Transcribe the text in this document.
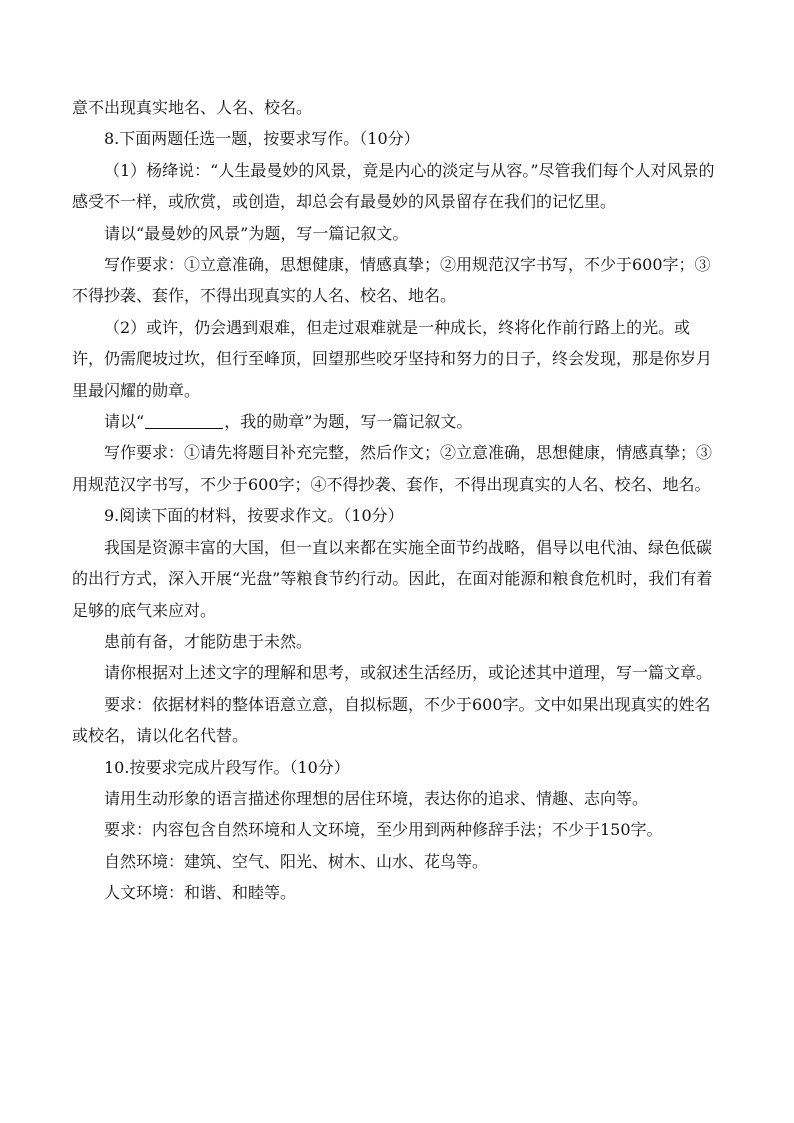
意不出现真实地名、人名、校名。

8.下面两题任选一题，按要求写作。（10分）

（1）杨绛说：“人生最曼妙的风景，竟是内心的淡定与从容。”尽管我们每个人对风景的感受不一样，或欣赏，或创造，却总会有最曼妙的风景留存在我们的记忆里。

请以“最曼妙的风景”为题，写一篇记叙文。

写作要求：①立意准确，思想健康，情感真挚；②用规范汉字书写，不少于600字；③不得抄袭、套作，不得出现真实的人名、校名、地名。

（2）或许，仍会遇到艰难，但走过艰难就是一种成长，终将化作前行路上的光。或许，仍需爬坡过坎，但行至峰顶，回望那些咬牙坚持和努力的日子，终会发现，那是你岁月里最闪耀的勋章。

请以“	，我的勋章”为题，写一篇记叙文。

写作要求：①请先将题目补充完整，然后作文；②立意准确，思想健康，情感真挚；③用规范汉字书写，不少于600字；④不得抄袭、套作，不得出现真实的人名、校名、地名。

9.阅读下面的材料，按要求作文。（10分）

我国是资源丰富的大国，但一直以来都在实施全面节约战略，倡导以电代油、绿色低碳的出行方式，深入开展“光盘”等粮食节约行动。因此，在面对能源和粮食危机时，我们有着足够的底气来应对。

患前有备，才能防患于未然。

请你根据对上述文字的理解和思考，或叙述生活经历，或论述其中道理，写一篇文章。

要求：依据材料的整体语意立意，自拟标题，不少于600字。文中如果出现真实的姓名或校名，请以化名代替。

10.按要求完成片段写作。（10分）

请用生动形象的语言描述你理想的居住环境，表达你的追求、情趣、志向等。

要求：内容包含自然环境和人文环境，至少用到两种修辞手法；不少于150字。

自然环境：建筑、空气、阳光、树木、山水、花鸟等。

人文环境：和谐、和睦等。
